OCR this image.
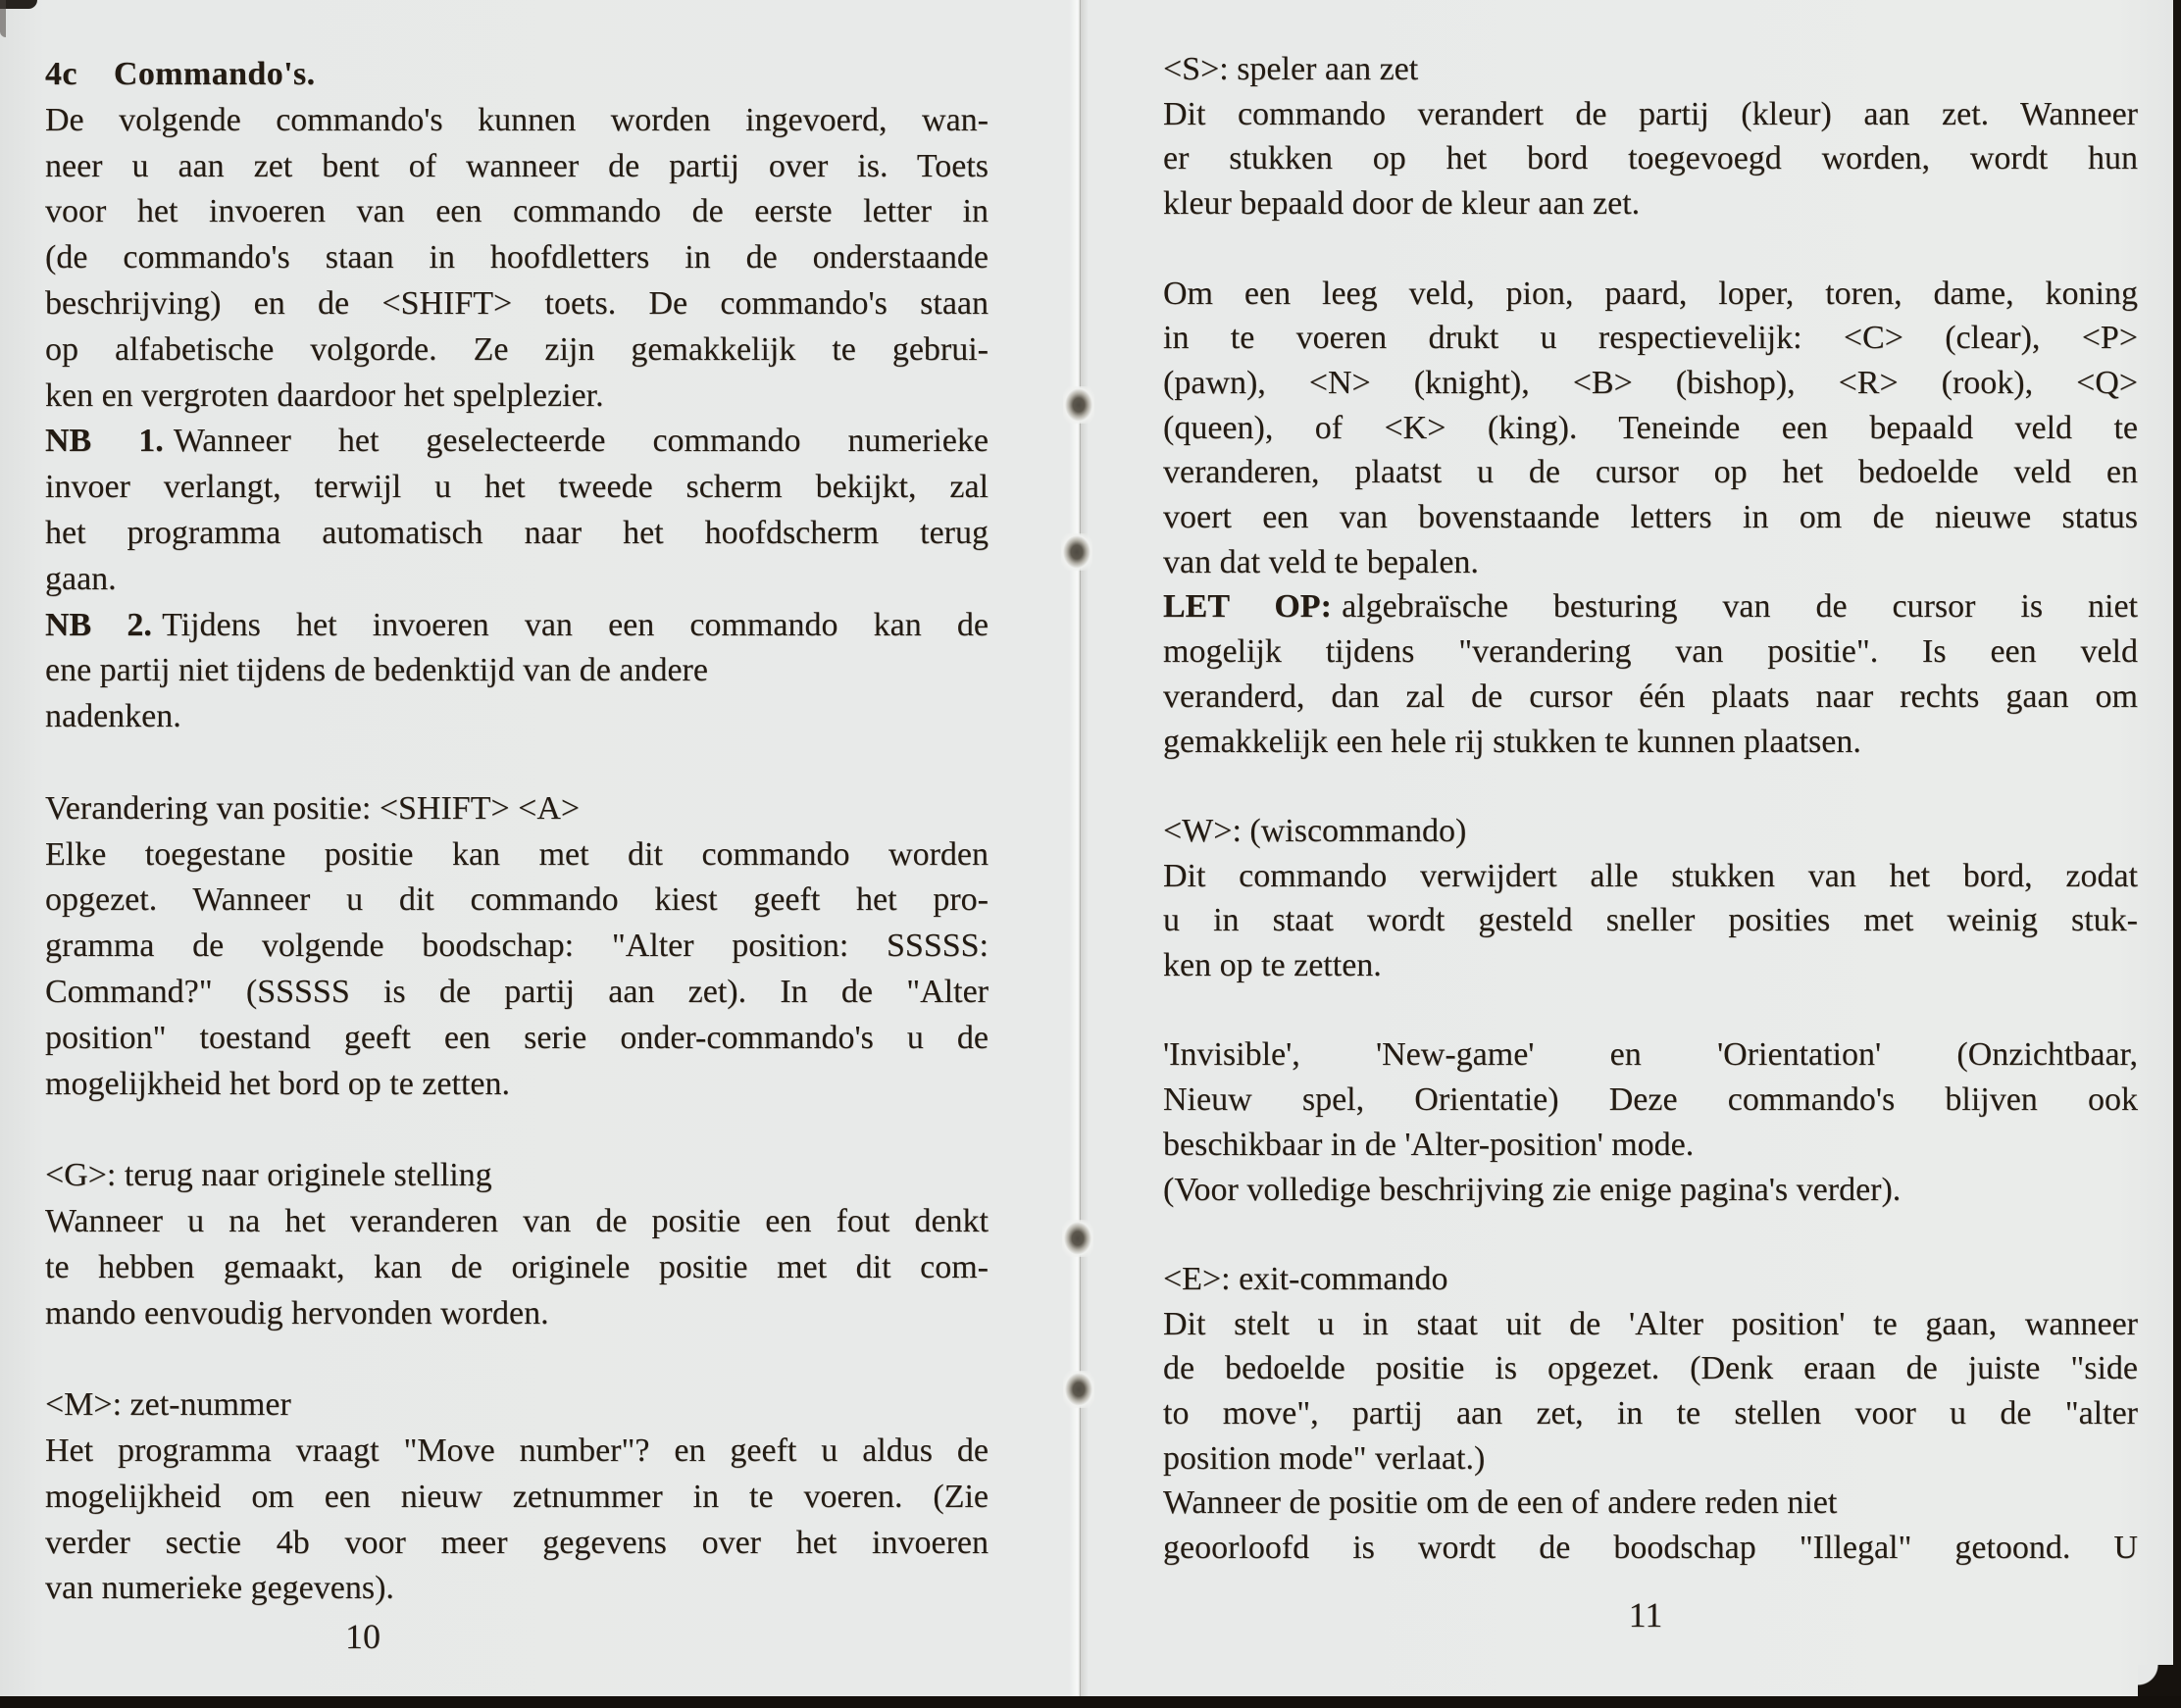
4c Commando's.
De volgende commando's kunnen worden ingevoerd, wan-
neer u aan zet bent of wanneer de partij over is. Toets
voor het invoeren van een commando de eerste letter in
(de commando's staan in hoofdletters in de onderstaande
beschrijving) en de <SHIFT> toets. De commando's staan
op alfabetische volgorde. Ze zijn gemakkelijk te gebrui-
ken en vergroten daardoor het spelplezier.
NB 1. Wanneer het geselecteerde commando numerieke
invoer verlangt, terwijl u het tweede scherm bekijkt, zal
het programma automatisch naar het hoofdscherm terug
gaan.
NB 2. Tijdens het invoeren van een commando kan de
ene partij niet tijdens de bedenktijd van de andere
nadenken.
Verandering van positie: <SHIFT> <A>
Elke toegestane positie kan met dit commando worden
opgezet. Wanneer u dit commando kiest geeft het pro-
gramma de volgende boodschap: "Alter position: SSSSS:
Command?" (SSSSS is de partij aan zet). In de "Alter
position" toestand geeft een serie onder-commando's u de
mogelijkheid het bord op te zetten.
<G>: terug naar originele stelling
Wanneer u na het veranderen van de positie een fout denkt
te hebben gemaakt, kan de originele positie met dit com-
mando eenvoudig hervonden worden.
<M>: zet-nummer
Het programma vraagt "Move number"? en geeft u aldus de
mogelijkheid om een nieuw zetnummer in te voeren. (Zie
verder sectie 4b voor meer gegevens over het invoeren
van numerieke gegevens).
<S>: speler aan zet
Dit commando verandert de partij (kleur) aan zet. Wanneer
er stukken op het bord toegevoegd worden, wordt hun
kleur bepaald door de kleur aan zet.
Om een leeg veld, pion, paard, loper, toren, dame, koning
in te voeren drukt u respectievelijk: <C> (clear), <P>
(pawn), <N> (knight), <B> (bishop), <R> (rook), <Q>
(queen), of <K> (king). Teneinde een bepaald veld te
veranderen, plaatst u de cursor op het bedoelde veld en
voert een van bovenstaande letters in om de nieuwe status
van dat veld te bepalen.
LET OP: algebraïsche besturing van de cursor is niet
mogelijk tijdens "verandering van positie". Is een veld
veranderd, dan zal de cursor één plaats naar rechts gaan om
gemakkelijk een hele rij stukken te kunnen plaatsen.
<W>: (wiscommando)
Dit commando verwijdert alle stukken van het bord, zodat
u in staat wordt gesteld sneller posities met weinig stuk-
ken op te zetten.
'Invisible', 'New-game' en 'Orientation' (Onzichtbaar,
Nieuw spel, Orientatie) Deze commando's blijven ook
beschikbaar in de 'Alter-position' mode.
(Voor volledige beschrijving zie enige pagina's verder).
<E>: exit-commando
Dit stelt u in staat uit de 'Alter position' te gaan, wanneer
de bedoelde positie is opgezet. (Denk eraan de juiste "side
to move", partij aan zet, in te stellen voor u de "alter
position mode" verlaat.)
Wanneer de positie om de een of andere reden niet
geoorloofd is wordt de boodschap "Illegal" getoond. U
10
11
